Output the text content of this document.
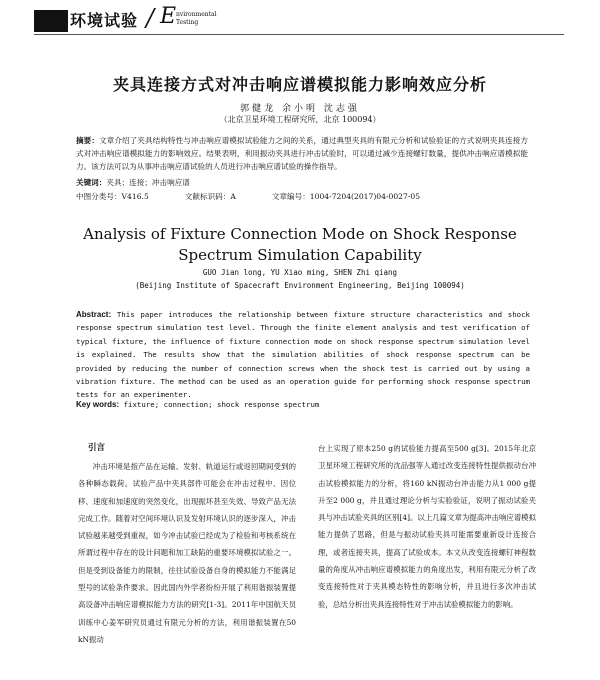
环境试验 / E nvironmental
Testing
夹具连接方式对冲击响应谱模拟能力影响效应分析
郭健龙 余小明 沈志强
（北京卫星环境工程研究所，北京 100094）
摘要：文章介绍了夹具结构特性与冲击响应谱模拟试验能力之间的关系，通过典型夹具的有限元分析和试验验证的方式说明夹具连接方式对冲击响应谱模拟能力的影响效应。结果表明，利用振动夹具进行冲击试验时，可以通过减少连接螺钉数量，提供冲击响应谱模拟能力。该方法可以为从事冲击响应谱试验的人员进行冲击响应谱试验的操作指导。
关键词：夹具；连接；冲击响应谱
中图分类号：V416.5	文献标识码：A	文章编号：1004-7204(2017)04-0027-05
Analysis of Fixture Connection Mode on Shock Response Spectrum Simulation Capability
GUO Jian long, YU Xiao ming, SHEN Zhi qiang
(Beijing Institute of Spacecraft Environment Engineering, Beijing 100094)
Abstract: This paper introduces the relationship between fixture structure characteristics and shock response spectrum simulation test level. Through the finite element analysis and test verification of typical fixture, the influence of fixture connection mode on shock response spectrum simulation level is explained. The results show that the simulation abilities of shock response spectrum can be provided by reducing the number of connection screws when the shock test is carried out by using a vibration fixture. The method can be used as an operation guide for performing shock response spectrum tests for an experimenter.
Key words: fixture; connection; shock response spectrum
引言

冲击环境是指产品在运输、发射、轨道运行或返回期间受到的各种瞬态载荷。试验产品中夹具部件可能会在冲击过程中、因位移、速度和加速度的突然变化，出现振坏甚至失效、导致产品无法完成工作。随着对空间环境认识及发射环境认识的逐步深入，冲击试验越来越受到重视，如今冲击试验已经成为了检验和考核系统在所谓过程中存在的设计问题和加工缺陷的重要环境模拟试验之一。但是受到设备能力的限制，往往试验设备自身的模拟能力不能满足型号的试验条件要求。因此国内外学者纷纷开展了利用谐振装置提高设备冲击响应谱模拟能力方法的研究[1-3]。2011年中国航天员训练中心姜军研究员通过有限元分析的方法，利用谐振装置在50 kN振动

台上实现了原本250 g的试验能力提高至500 g[3]。2015年北京卫星环境工程研究所的沈品强等人通过改变连接特性提供振动台冲击试验模拟能力的分析，将160 kN振动台冲击能力从1 000 g提升至2 000 g，并且通过理论分析与实验验证，说明了振动试验夹具与冲击试验夹具的区别[4]。以上几篇文章为提高冲击响应谱模拟能力提供了思路，但是与振动试验夹具可能需要重新设计连接合理，或者连接夹具，提高了试验成本。本文从改变连接螺钉神程数量的角度从冲击响应谱模拟能力的角度出发，利用有限元分析了改变连接特性对于夹具模态特性的影响分析，并且进行多次冲击试验，总结分析出夹具连接特性对于冲击试验模拟能力的影响。
